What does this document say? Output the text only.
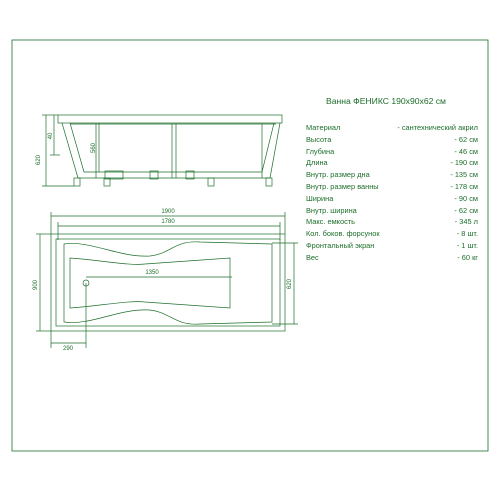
620
40
560
1900
1780
900
1350
620
290
Ванна ФЕНИКС 190х90х62 см
Материал	- сантехнический акрил
Высота	- 62 см
Глубина	- 46 см
Длина	- 190 см
Внутр. размер дна	- 135 см
Внутр. размер ванны	- 178 см
Ширина	- 90 см
Внутр. ширина	- 62 см
Макс. емкость	- 345 л
Кол. боков. форсунок	- 8 шт.
Фронтальный экран	- 1 шт.
Вес	- 60 кг
